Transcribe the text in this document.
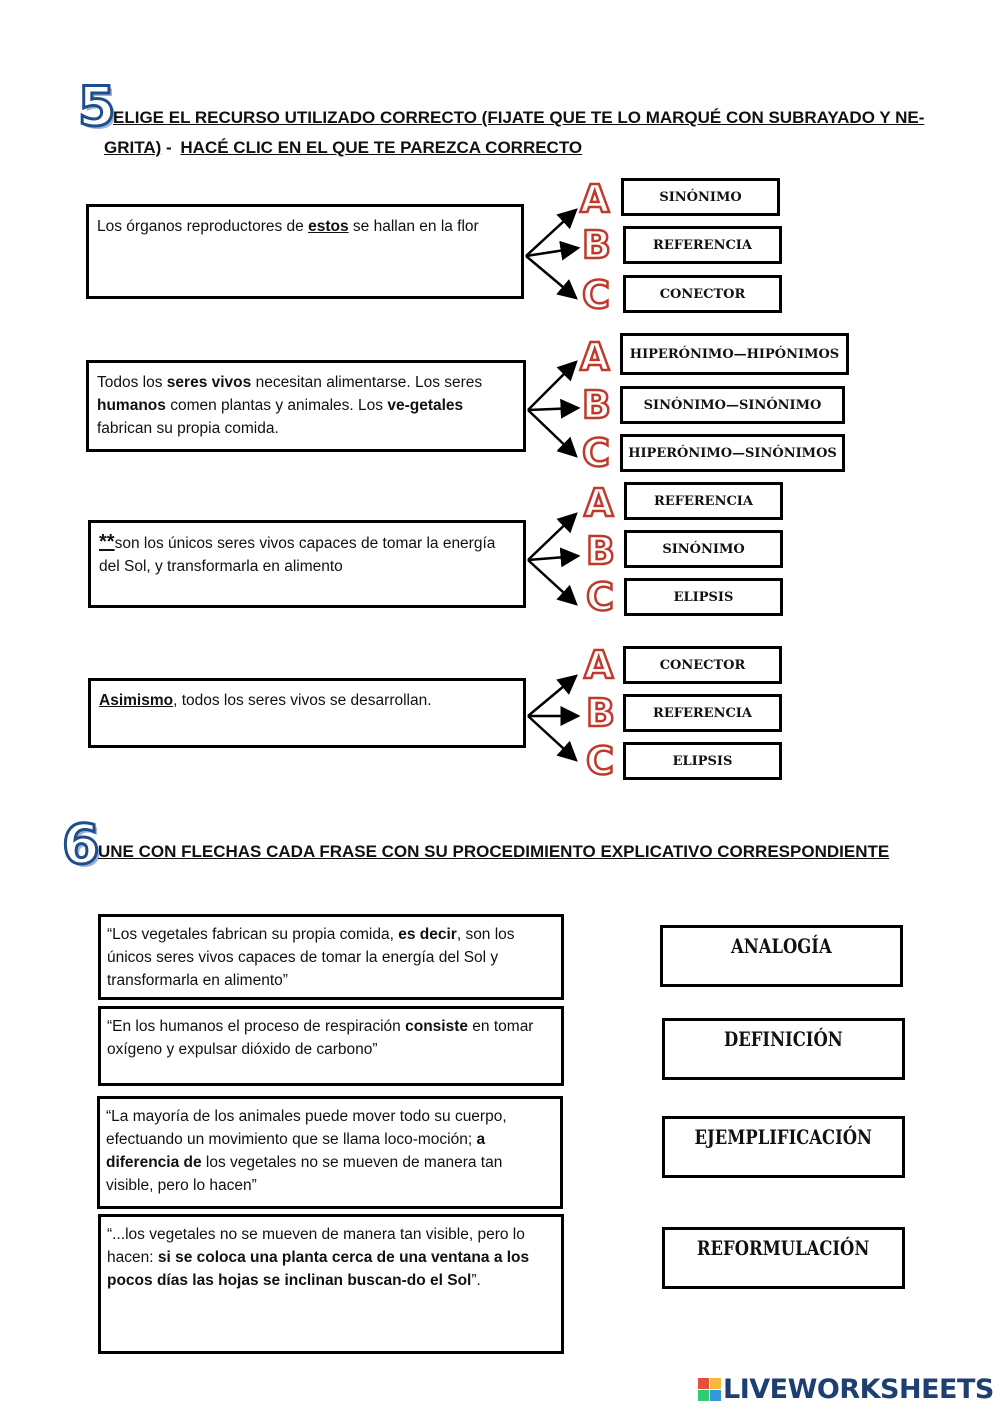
5
ELIGE EL RECURSO UTILIZADO CORRECTO (FIJATE QUE TE LO MARQUÉ CON SUBRAYADO Y NE-
GRITA) - HACÉ CLIC EN EL QUE TE PAREZCA CORRECTO
Los órganos reproductores de estos se hallan en la flor
A
B
C
SINÓNIMO
REFERENCIA
CONECTOR
Todos los seres vivos necesitan alimentarse. Los seres humanos comen plantas y animales. Los ve-getales fabrican su propia comida.
A
B
C
HIPERÓNIMO—HIPÓNIMOS
SINÓNIMO—SINÓNIMO
HIPERÓNIMO—SINÓNIMOS
**son los únicos seres vivos capaces de tomar la energía del Sol, y transformarla en alimento
A
B
C
REFERENCIA
SINÓNIMO
ELIPSIS
Asimismo, todos los seres vivos se desarrollan.
A
B
C
CONECTOR
REFERENCIA
ELIPSIS
6
UNE CON FLECHAS CADA FRASE CON SU PROCEDIMIENTO EXPLICATIVO CORRESPONDIENTE
“Los vegetales fabrican su propia comida, es decir, son los únicos seres vivos capaces de tomar la energía del Sol y transformarla en alimento”
“En los humanos el proceso de respiración consiste en tomar oxígeno y expulsar dióxido de carbono”
“La mayoría de los animales puede mover todo su cuerpo, efectuando un movimiento que se llama loco-moción; a diferencia de los vegetales no se mueven de manera tan visible, pero lo hacen”
“...los vegetales no se mueven de manera tan visible, pero lo hacen: si se coloca una planta cerca de una ventana a los pocos días las hojas se inclinan buscan-do el Sol”.
ANALOGÍA
DEFINICIÓN
EJEMPLIFICACIÓN
REFORMULACIÓN
LIVEWORKSHEETS
